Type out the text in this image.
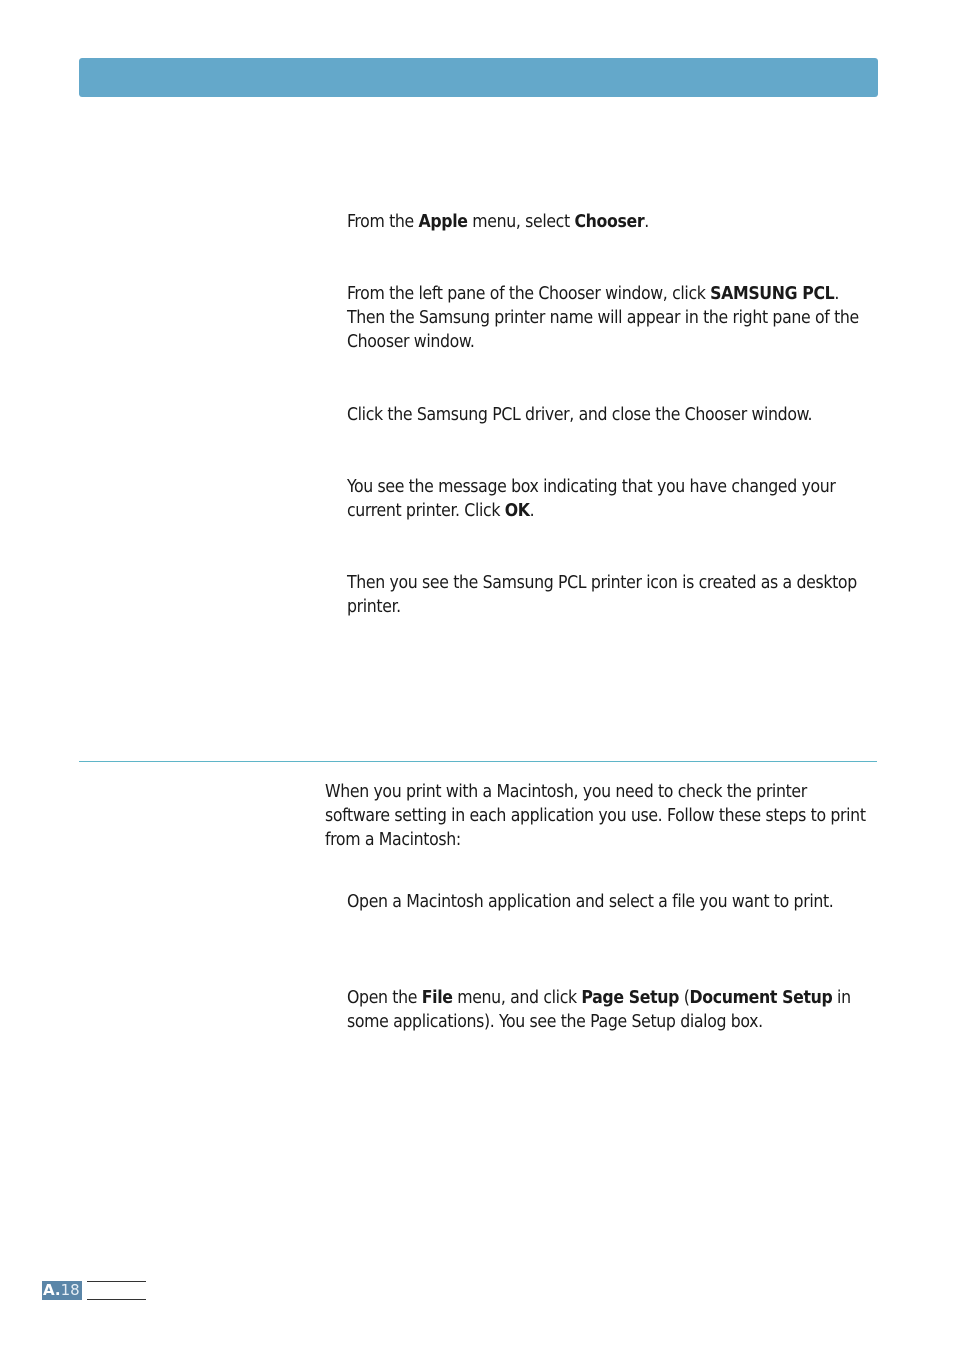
From the Apple menu, select Chooser.
From the left pane of the Chooser window, click SAMSUNG PCL. Then the Samsung printer name will appear in the right pane of the Chooser window.
Click the Samsung PCL driver, and close the Chooser window.
You see the message box indicating that you have changed your current printer. Click OK.
Then you see the Samsung PCL printer icon is created as a desktop printer.
When you print with a Macintosh, you need to check the printer software setting in each application you use. Follow these steps to print from a Macintosh:
Open a Macintosh application and select a file you want to print.
Open the File menu, and click Page Setup (Document Setup in some applications). You see the Page Setup dialog box.
A.18
